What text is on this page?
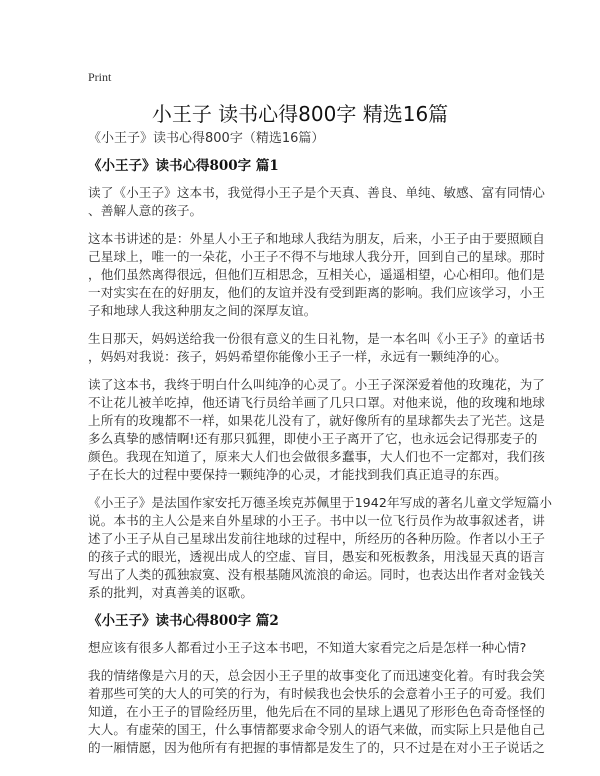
Print
小王子 读书心得800字 精选16篇
《小王子》读书心得800字（精选16篇）
《小王子》读书心得800字 篇1
读了《小王子》这本书，我觉得小王子是个天真、善良、单纯、敏感、富有同情心
、善解人意的孩子。
这本书讲述的是：外星人小王子和地球人我结为朋友，后来，小王子由于要照顾自
己星球上，唯一的一朵花，小王子不得不与地球人我分开，回到自己的星球。那时
，他们虽然离得很远，但他们互相思念，互相关心，遥遥相望，心心相印。他们是
一对实实在在的好朋友，他们的友谊并没有受到距离的影响。我们应该学习，小王
子和地球人我这种朋友之间的深厚友谊。
生日那天，妈妈送给我一份很有意义的生日礼物，是一本名叫《小王子》的童话书
，妈妈对我说：孩子，妈妈希望你能像小王子一样，永远有一颗纯净的心。
读了这本书，我终于明白什么叫纯净的心灵了。小王子深深爱着他的玫瑰花，为了
不让花儿被羊吃掉，他还请飞行员给羊画了几只口罩。对他来说，他的玫瑰和地球
上所有的玫瑰都不一样，如果花儿没有了，就好像所有的星球都失去了光芒。这是
多么真挚的感情啊!还有那只狐狸，即使小王子离开了它，也永远会记得那麦子的
颜色。我现在知道了，原来大人们也会做很多蠢事，大人们也不一定都对，我们孩
子在长大的过程中要保持一颗纯净的心灵，才能找到我们真正追寻的东西。
《小王子》是法国作家安托万德圣埃克苏佩里于1942年写成的著名儿童文学短篇小
说。本书的主人公是来自外星球的小王子。书中以一位飞行员作为故事叙述者，讲
述了小王子从自己星球出发前往地球的过程中，所经历的各种历险。作者以小王子
的孩子式的眼光，透视出成人的空虚、盲目，愚妄和死板教条，用浅显天真的语言
写出了人类的孤独寂寞、没有根基随风流浪的命运。同时，也表达出作者对金钱关
系的批判，对真善美的讴歌。
《小王子》读书心得800字 篇2
想应该有很多人都看过小王子这本书吧，不知道大家看完之后是怎样一种心情?
我的情绪像是六月的天，总会因小王子里的故事变化了而迅速变化着。有时我会笑
着那些可笑的大人的可笑的行为，有时候我也会快乐的会意着小王子的可爱。我们
知道，在小王子的冒险经历里，他先后在不同的星球上遇见了形形色色奇奇怪怪的
大人。有虚荣的国王，什么事情都要求命令别人的语气来做，而实际上只是他自己
的一厢情愿，因为他所有有把握的事情都是发生了的，只不过是在对小王子说话之
